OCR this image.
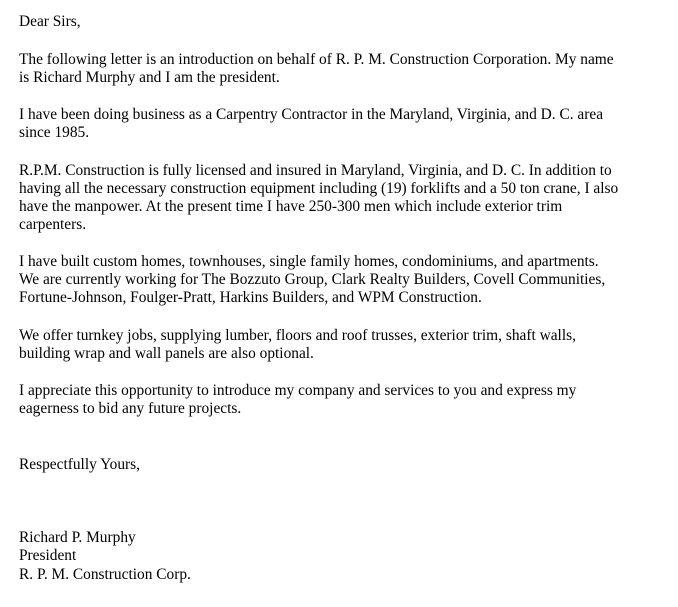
Dear Sirs,
The following letter is an introduction on behalf of R. P. M. Construction Corporation. My name
is Richard Murphy and I am the president.
I have been doing business as a Carpentry Contractor in the Maryland, Virginia, and D. C. area
since 1985.
R.P.M. Construction is fully licensed and insured in Maryland, Virginia, and D. C. In addition to
having all the necessary construction equipment including (19) forklifts and a 50 ton crane, I also
have the manpower. At the present time I have 250-300 men which include exterior trim
carpenters.
I have built custom homes, townhouses, single family homes, condominiums, and apartments.
We are currently working for The Bozzuto Group, Clark Realty Builders, Covell Communities,
Fortune-Johnson, Foulger-Pratt, Harkins Builders, and WPM Construction.
We offer turnkey jobs, supplying lumber, floors and roof trusses, exterior trim, shaft walls,
building wrap and wall panels are also optional.
I appreciate this opportunity to introduce my company and services to you and express my
eagerness to bid any future projects.
Respectfully Yours,
Richard P. Murphy
President
R. P. M. Construction Corp.
